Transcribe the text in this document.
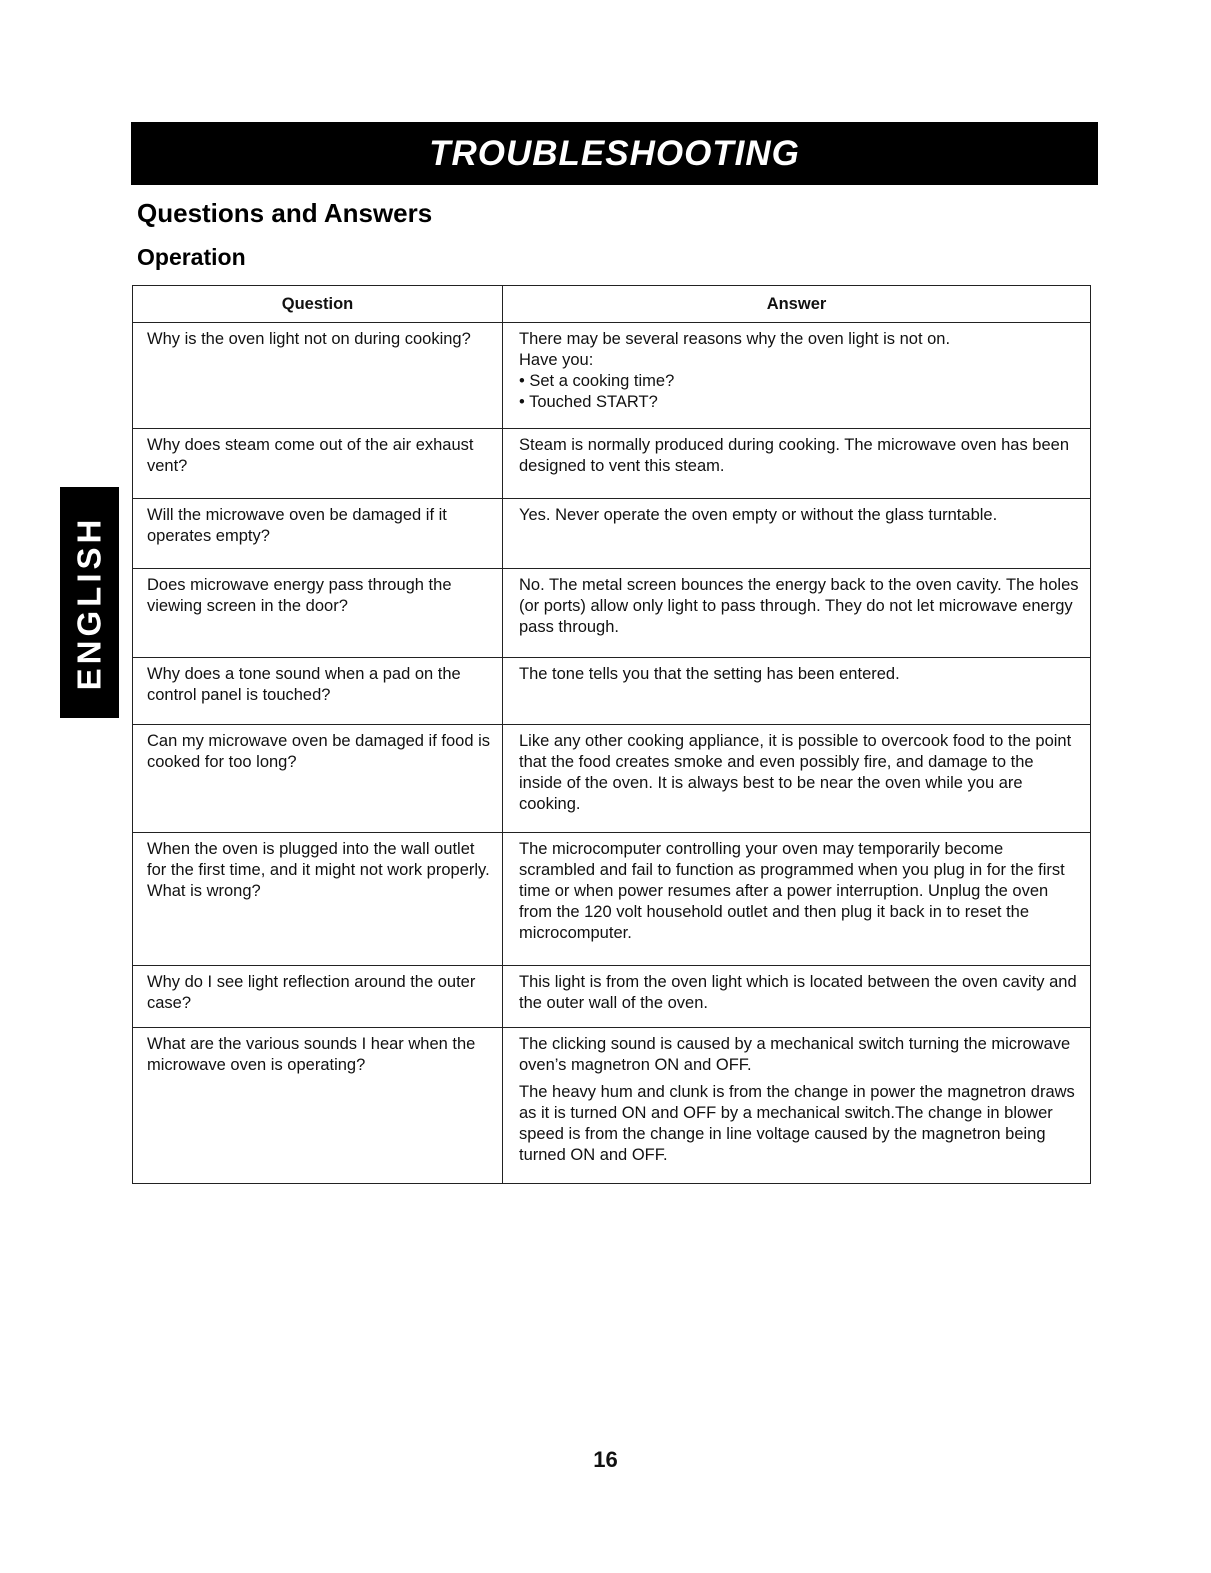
TROUBLESHOOTING
ENGLISH
Questions and Answers
Operation
Question	Answer
Why is the oven light not on during cooking?	There may be several reasons why the oven light is not on.
Have you:
• Set a cooking time?
• Touched START?

Why does steam come out of the air exhaust vent?	Steam is normally produced during cooking. The microwave oven has been designed to vent this steam.

Will the microwave oven be damaged if it operates empty?	Yes. Never operate the oven empty or without the glass turntable.

Does microwave energy pass through the viewing screen in the door?	No. The metal screen bounces the energy back to the oven cavity. The holes (or ports) allow only light to pass through. They do not let microwave energy pass through.

Why does a tone sound when a pad on the control panel is touched?	The tone tells you that the setting has been entered.

Can my microwave oven be damaged if food is cooked for too long?	Like any other cooking appliance, it is possible to overcook food to the point that the food creates smoke and even possibly fire, and damage to the inside of the oven. It is always best to be near the oven while you are cooking.

When the oven is plugged into the wall outlet for the first time, and it might not work properly. What is wrong?	The microcomputer controlling your oven may temporarily become scrambled and fail to function as programmed when you plug in for the first time or when power resumes after a power interruption. Unplug the oven from the 120 volt household outlet and then plug it back in to reset the microcomputer.

Why do I see light reflection around the outer case?	This light is from the oven light which is located between the oven cavity and the outer wall of the oven.

What are the various sounds I hear when the microwave oven is operating?	The clicking sound is caused by a mechanical switch turning the microwave oven’s magnetron ON and OFF.
The heavy hum and clunk is from the change in power the magnetron draws as it is turned ON and OFF by a mechanical switch.The change in blower speed is from the change in line voltage caused by the magnetron being turned ON and OFF.
16
